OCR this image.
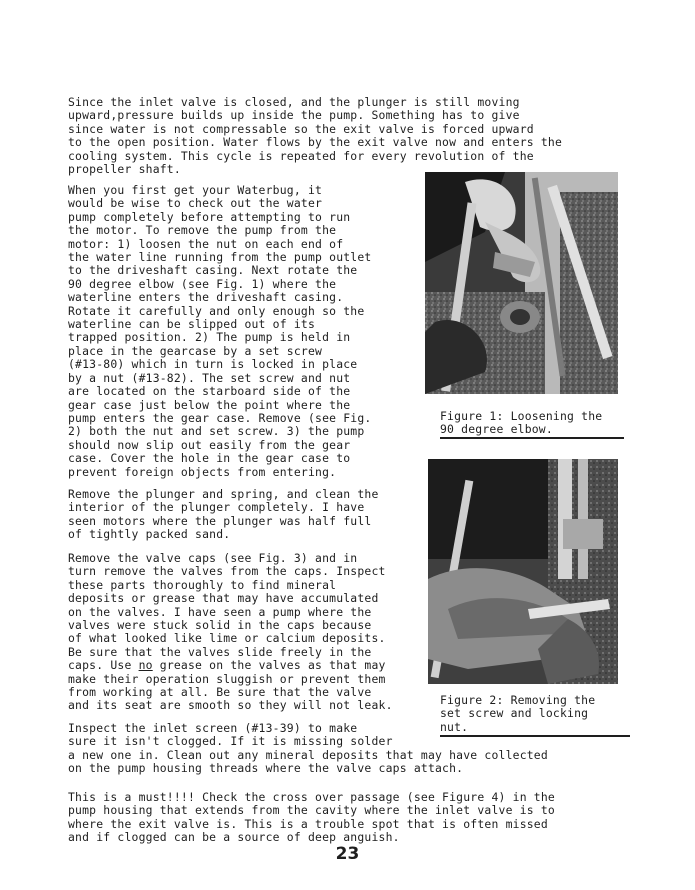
Since the inlet valve is closed, and the plunger is still moving
upward,pressure builds up inside the pump. Something has to give
since water is not compressable so the exit valve is forced upward
to the open position. Water flows by the exit valve now and enters the
cooling system. This cycle is repeated for every revolution of the
propeller shaft.
When you first get your Waterbug, it
would be wise to check out the water
pump completely before attempting to run
the motor. To remove the pump from the
motor: 1) loosen the nut on each end of
the water line running from the pump outlet
to the driveshaft casing. Next rotate the
90 degree elbow (see Fig. 1) where the
waterline enters the driveshaft casing.
Rotate it carefully and only enough so the
waterline can be slipped out of its
trapped position. 2) The pump is held in
place in the gearcase by a set screw
(#13-80) which in turn is locked in place
by a nut (#13-82). The set screw and nut
are located on the starboard side of the
gear case just below the point where the
pump enters the gear case. Remove (see Fig.
2) both the nut and set screw. 3) the pump
should now slip out easily from the gear
case. Cover the hole in the gear case to
prevent foreign objects from entering.
Figure 1: Loosening the
90 degree elbow.
Remove the plunger and spring, and clean the
interior of the plunger completely. I have
seen motors where the plunger was half full
of tightly packed sand.
Remove the valve caps (see Fig. 3) and in
turn remove the valves from the caps. Inspect
these parts thoroughly to find mineral
deposits or grease that may have accumulated
on the valves. I have seen a pump where the
valves were stuck solid in the caps because
of what looked like lime or calcium deposits.
Be sure that the valves slide freely in the
caps. Use no grease on the valves as that may
make their operation sluggish or prevent them
from working at all. Be sure that the valve
and its seat are smooth so they will not leak.	Figure 2: Removing the
set screw and locking
nut.
Inspect the inlet screen (#13-39) to make
sure it isn't clogged. If it is missing solder
a new one in. Clean out any mineral deposits that may have collected
on the pump housing threads where the valve caps attach.
This is a must!!!! Check the cross over passage (see Figure 4) in the
pump housing that extends from the cavity where the inlet valve is to
where the exit valve is. This is a trouble spot that is often missed
and if clogged can be a source of deep anguish.
23
